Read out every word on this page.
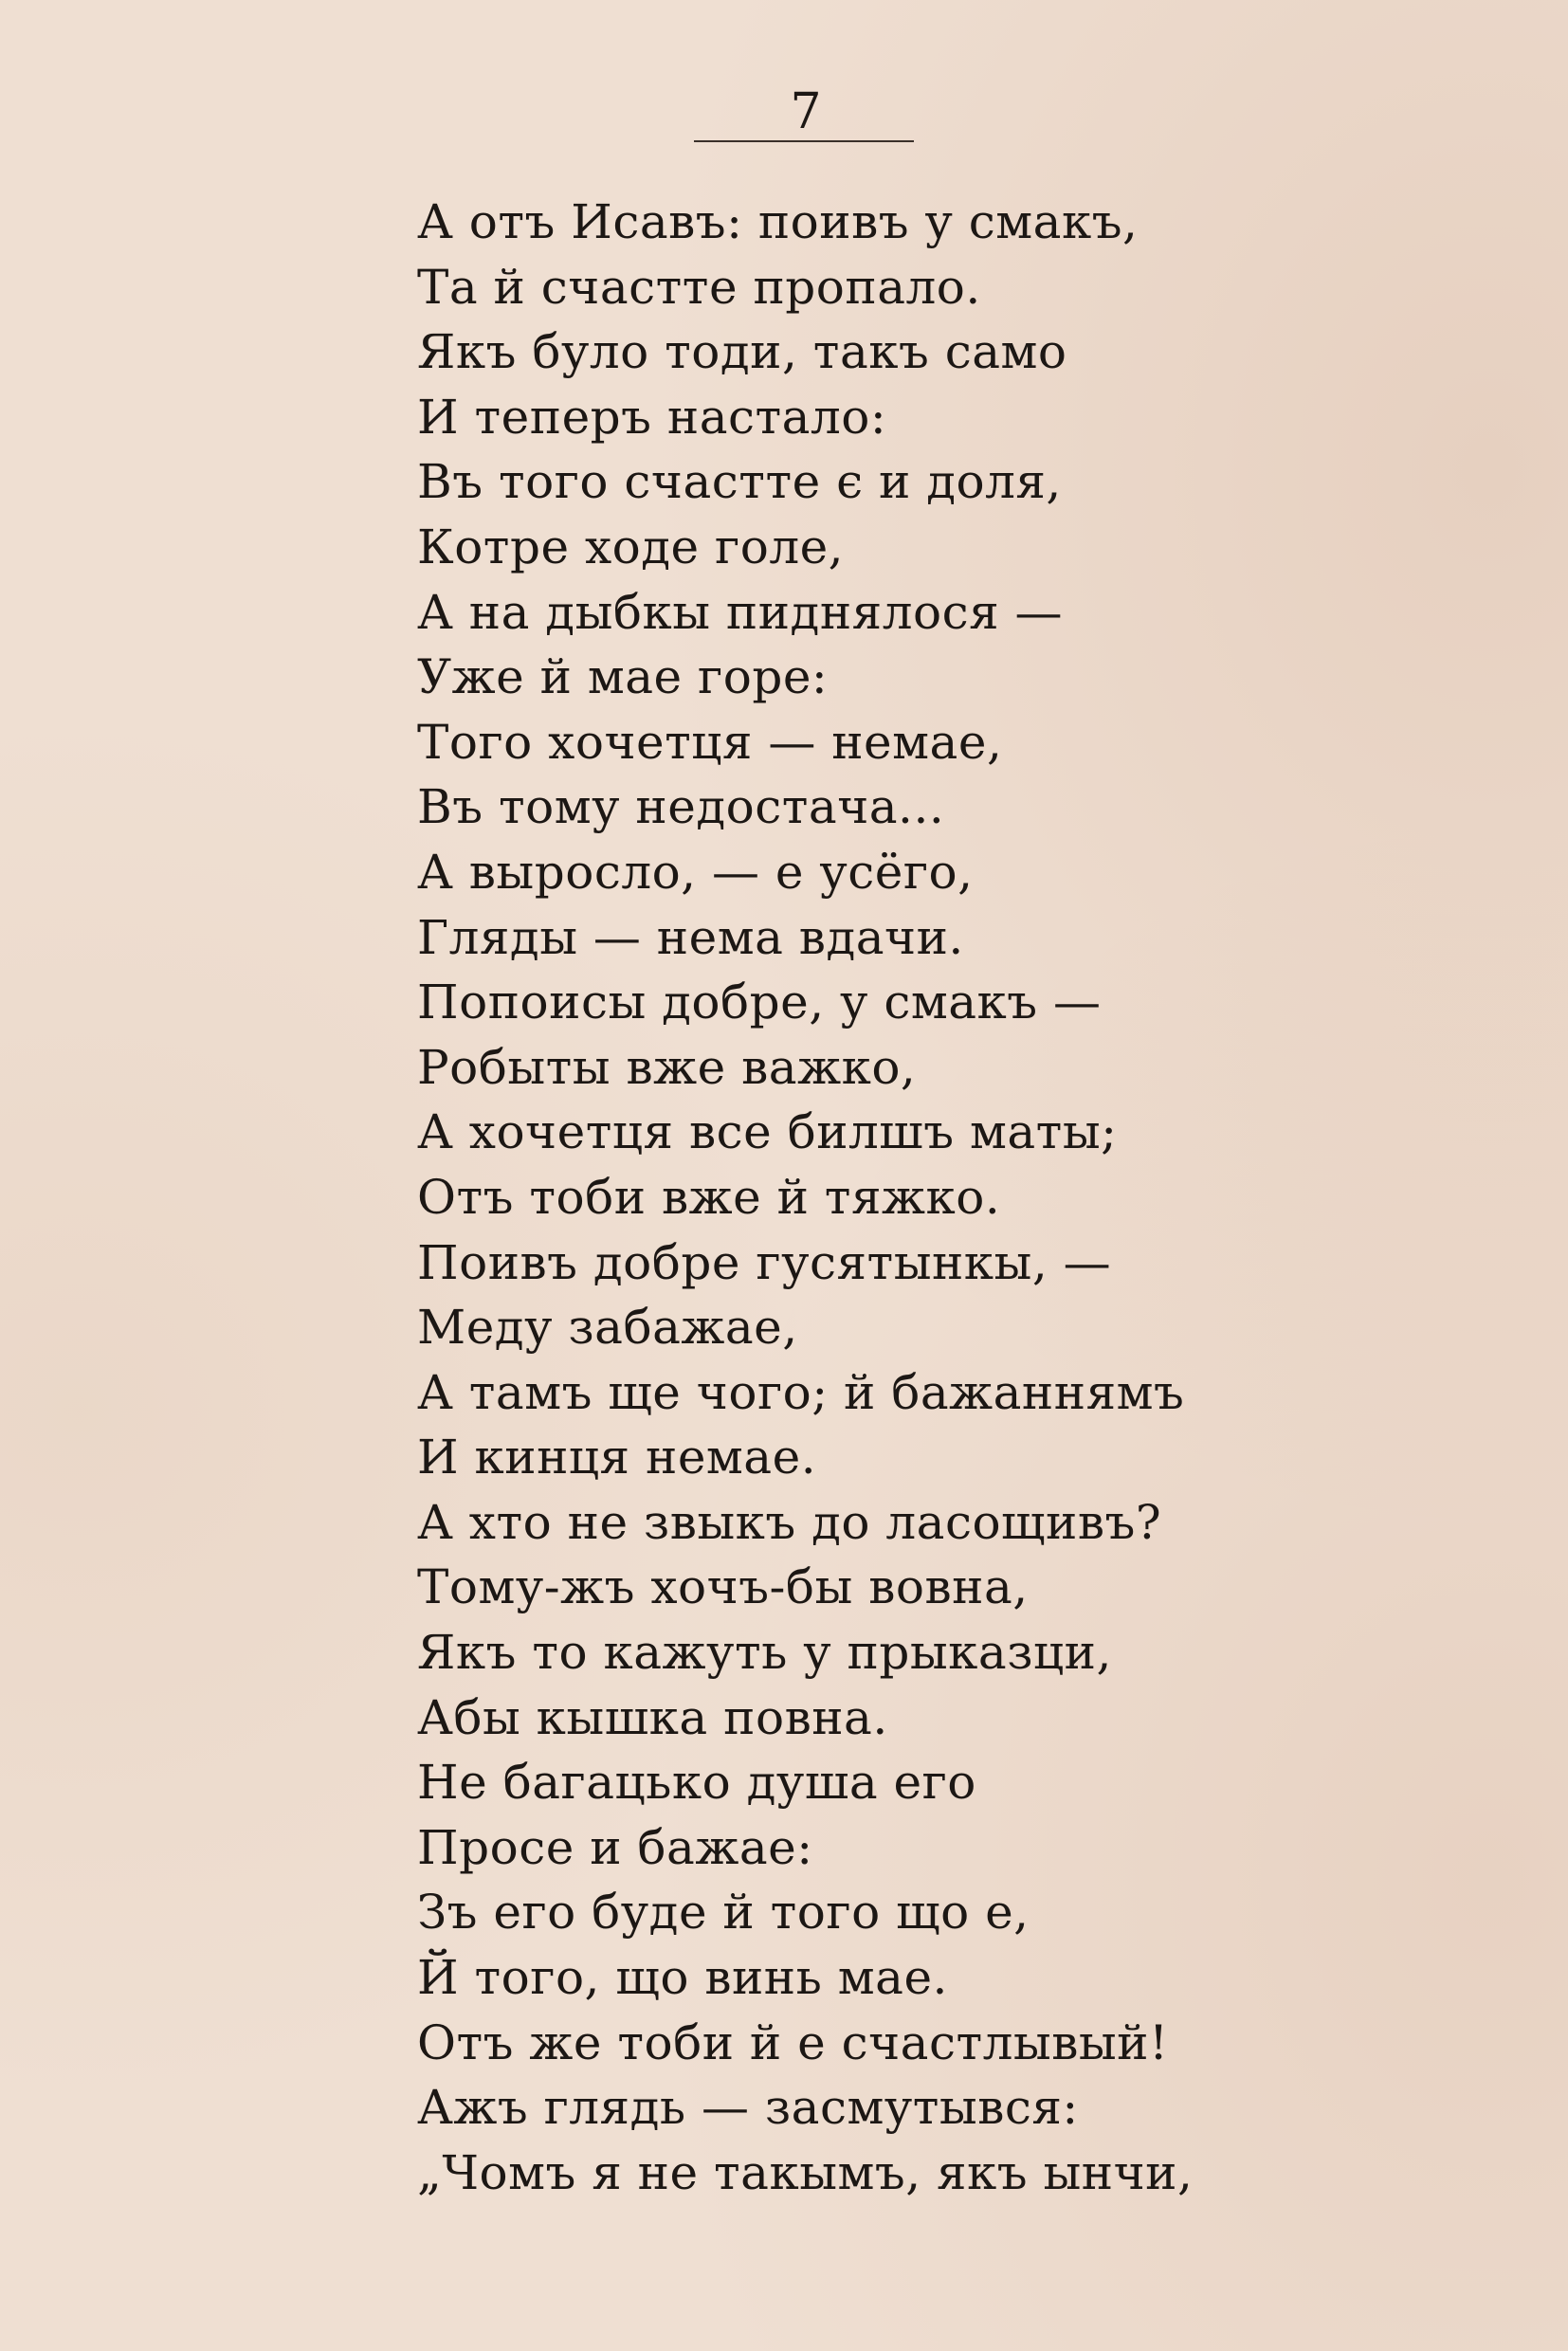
7
А отъ Исавъ: поивъ у смакъ,
Та й счастте пропало.
Якъ було тоди, такъ само
И теперъ настало:
Въ того счастте є и доля,
Котре ходе голе,
А на дыбкы пиднялося —
Уже й мае горе:
Того хочетця — немае,
Въ тому недостача...
А выросло, — е усёго,
Гляды — нема вдачи.
Попоисы добре, у смакъ —
Робыты вже важко,
А хочетця все билшъ маты;
Отъ тоби вже й тяжко.
Поивъ добре гусятынкы, —
Меду забажае,
А тамъ ще чого; й бажаннямъ
И кинця немае.
А хто не звыкъ до ласощивъ?
Тому-жъ хочъ-бы вовна,
Якъ то кажуть у прыказци,
Абы кышка повна.
Не багацько душа его
Просе и бажае:
Зъ его буде й того що е,
Й того, що винь мае.
Отъ же тоби й е счастлывый!
Ажъ глядь — засмутывся:
„Чомъ я не такымъ, якъ ынчи,
